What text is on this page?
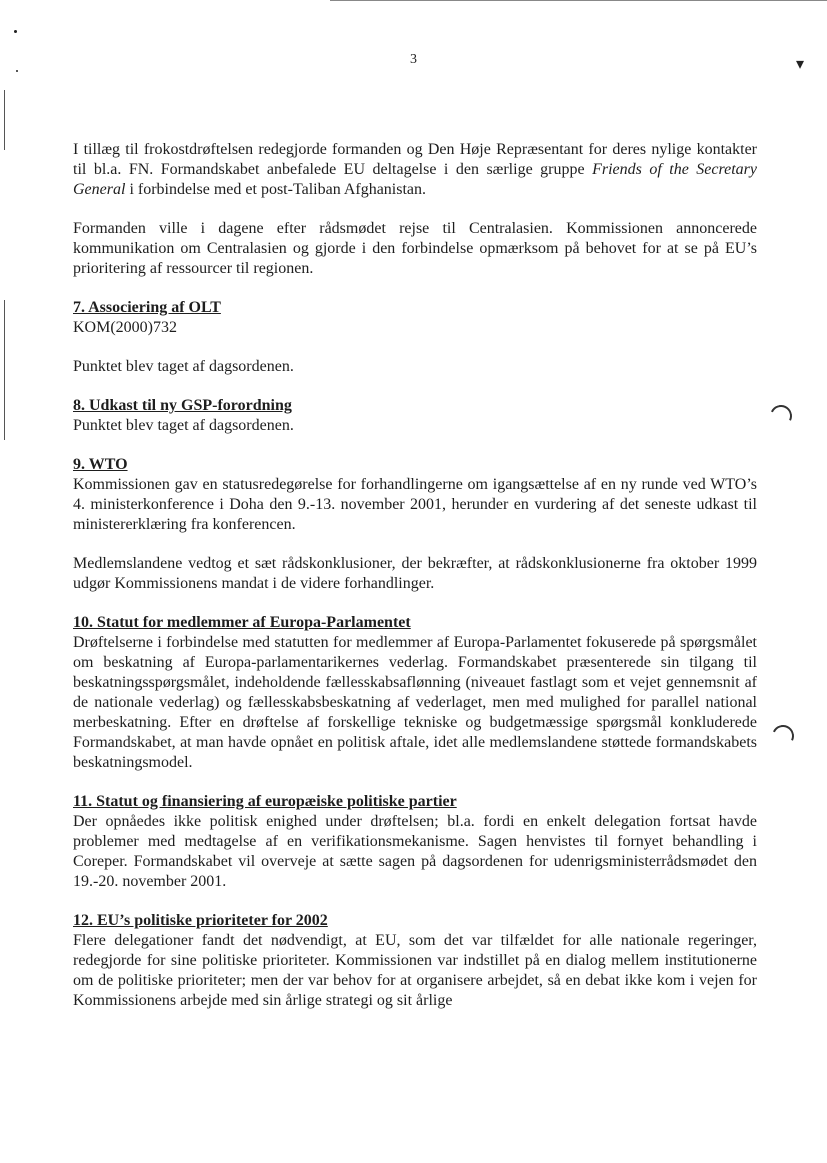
▾
3

I tillæg til frokostdrøftelsen redegjorde formanden og Den Høje Repræsentant for deres nylige kontakter til bl.a. FN. Formandskabet anbefalede EU deltagelse i den særlige gruppe Friends of the Secretary General i forbindelse med et post-Taliban Afghanistan.

Formanden ville i dagene efter rådsmødet rejse til Centralasien. Kommissionen annoncerede kommunikation om Centralasien og gjorde i den forbindelse opmærksom på behovet for at se på EU’s prioritering af ressourcer til regionen.

7. Associering af OLT

KOM(2000)732

Punktet blev taget af dagsordenen.

8. Udkast til ny GSP-forordning

Punktet blev taget af dagsordenen.

9. WTO

Kommissionen gav en statusredegørelse for forhandlingerne om igangsættelse af en ny runde ved WTO’s 4. ministerkonference i Doha den 9.-13. november 2001, herunder en vurdering af det seneste udkast til ministererklæring fra konferencen.

Medlemslandene vedtog et sæt rådskonklusioner, der bekræfter, at rådskonklusionerne fra oktober 1999 udgør Kommissionens mandat i de videre forhandlinger.

10. Statut for medlemmer af Europa-Parlamentet

Drøftelserne i forbindelse med statutten for medlemmer af Europa-Parlamentet fokuserede på spørgsmålet om beskatning af Europa-parlamentarikernes vederlag. Formandskabet præsenterede sin tilgang til beskatningsspørgsmålet, indeholdende fællesskabsaflønning (niveauet fastlagt som et vejet gennemsnit af de nationale vederlag) og fællesskabsbeskatning af vederlaget, men med mulighed for parallel national merbeskatning. Efter en drøftelse af forskellige tekniske og budgetmæssige spørgsmål konkluderede Formandskabet, at man havde opnået en politisk aftale, idet alle medlemslandene støttede formandskabets beskatningsmodel.

11. Statut og finansiering af europæiske politiske partier

Der opnåedes ikke politisk enighed under drøftelsen; bl.a. fordi en enkelt delegation fortsat havde problemer med medtagelse af en verifikationsmekanisme. Sagen henvistes til fornyet behandling i Coreper. Formandskabet vil overveje at sætte sagen på dagsordenen for udenrigsministerrådsmødet den 19.-20. november 2001.

12. EU’s politiske prioriteter for 2002

Flere delegationer fandt det nødvendigt, at EU, som det var tilfældet for alle nationale regeringer, redegjorde for sine politiske prioriteter. Kommissionen var indstillet på en dialog mellem institutionerne om de politiske prioriteter; men der var behov for at organisere arbejdet, så en debat ikke kom i vejen for Kommissionens arbejde med sin årlige strategi og sit årlige
